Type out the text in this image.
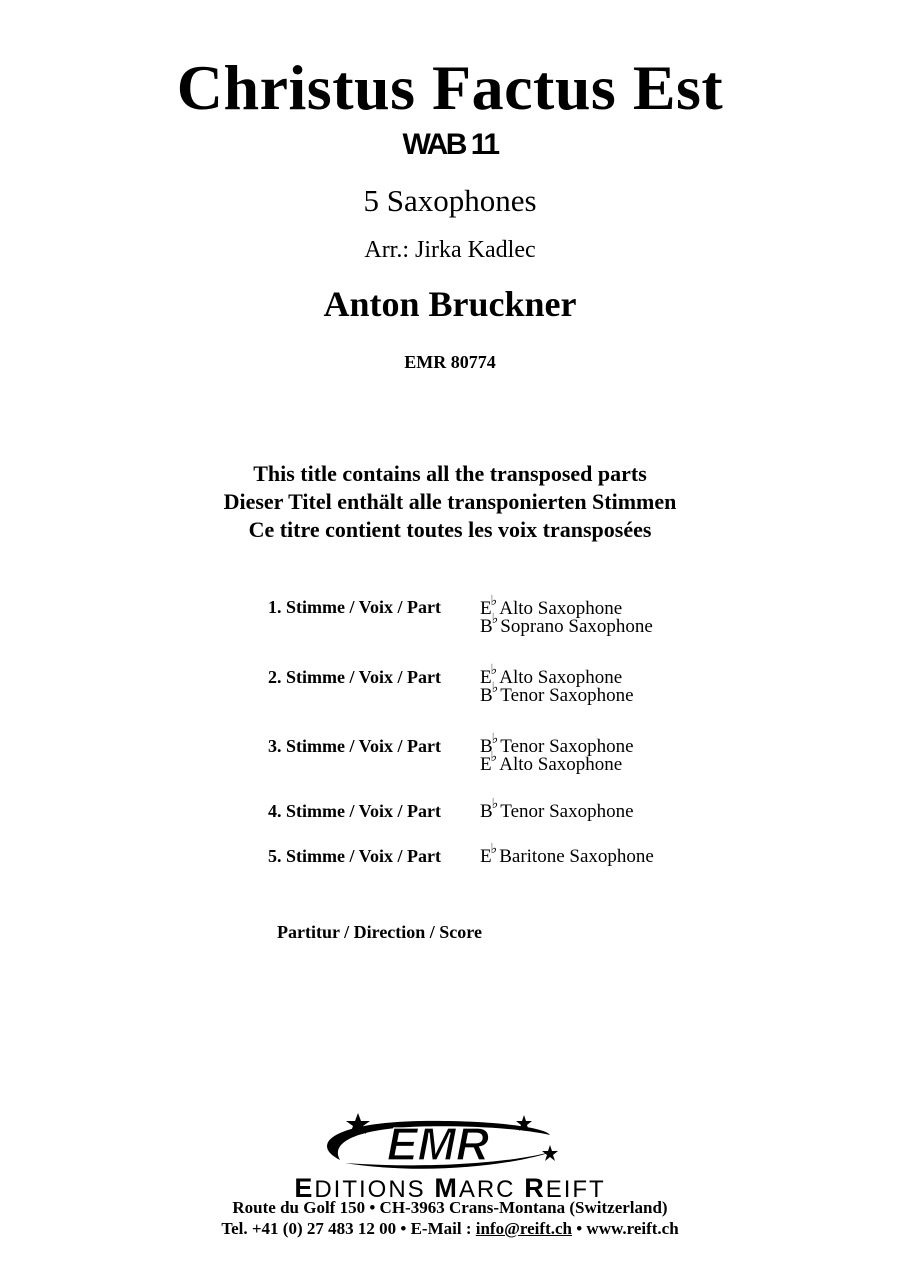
Christus Factus Est
WAB 11
5 Saxophones
Arr.: Jirka Kadlec
Anton Bruckner
EMR 80774
This title contains all the transposed parts
Dieser Titel enthält alle transponierten Stimmen
Ce titre contient toutes les voix transposées
1. Stimme / Voix / Part E♭ Alto Saxophone
B♭ Soprano Saxophone
2. Stimme / Voix / Part E♭ Alto Saxophone
B♭ Tenor Saxophone
3. Stimme / Voix / Part B♭ Tenor Saxophone
E♭ Alto Saxophone
4. Stimme / Voix / Part B♭ Tenor Saxophone
5. Stimme / Voix / Part E♭ Baritone Saxophone
Partitur / Direction / Score
EMR
EDITIONS MARC REIFT
Route du Golf 150 • CH-3963 Crans-Montana (Switzerland)
Tel. +41 (0) 27 483 12 00 • E-Mail : info@reift.ch • www.reift.ch
